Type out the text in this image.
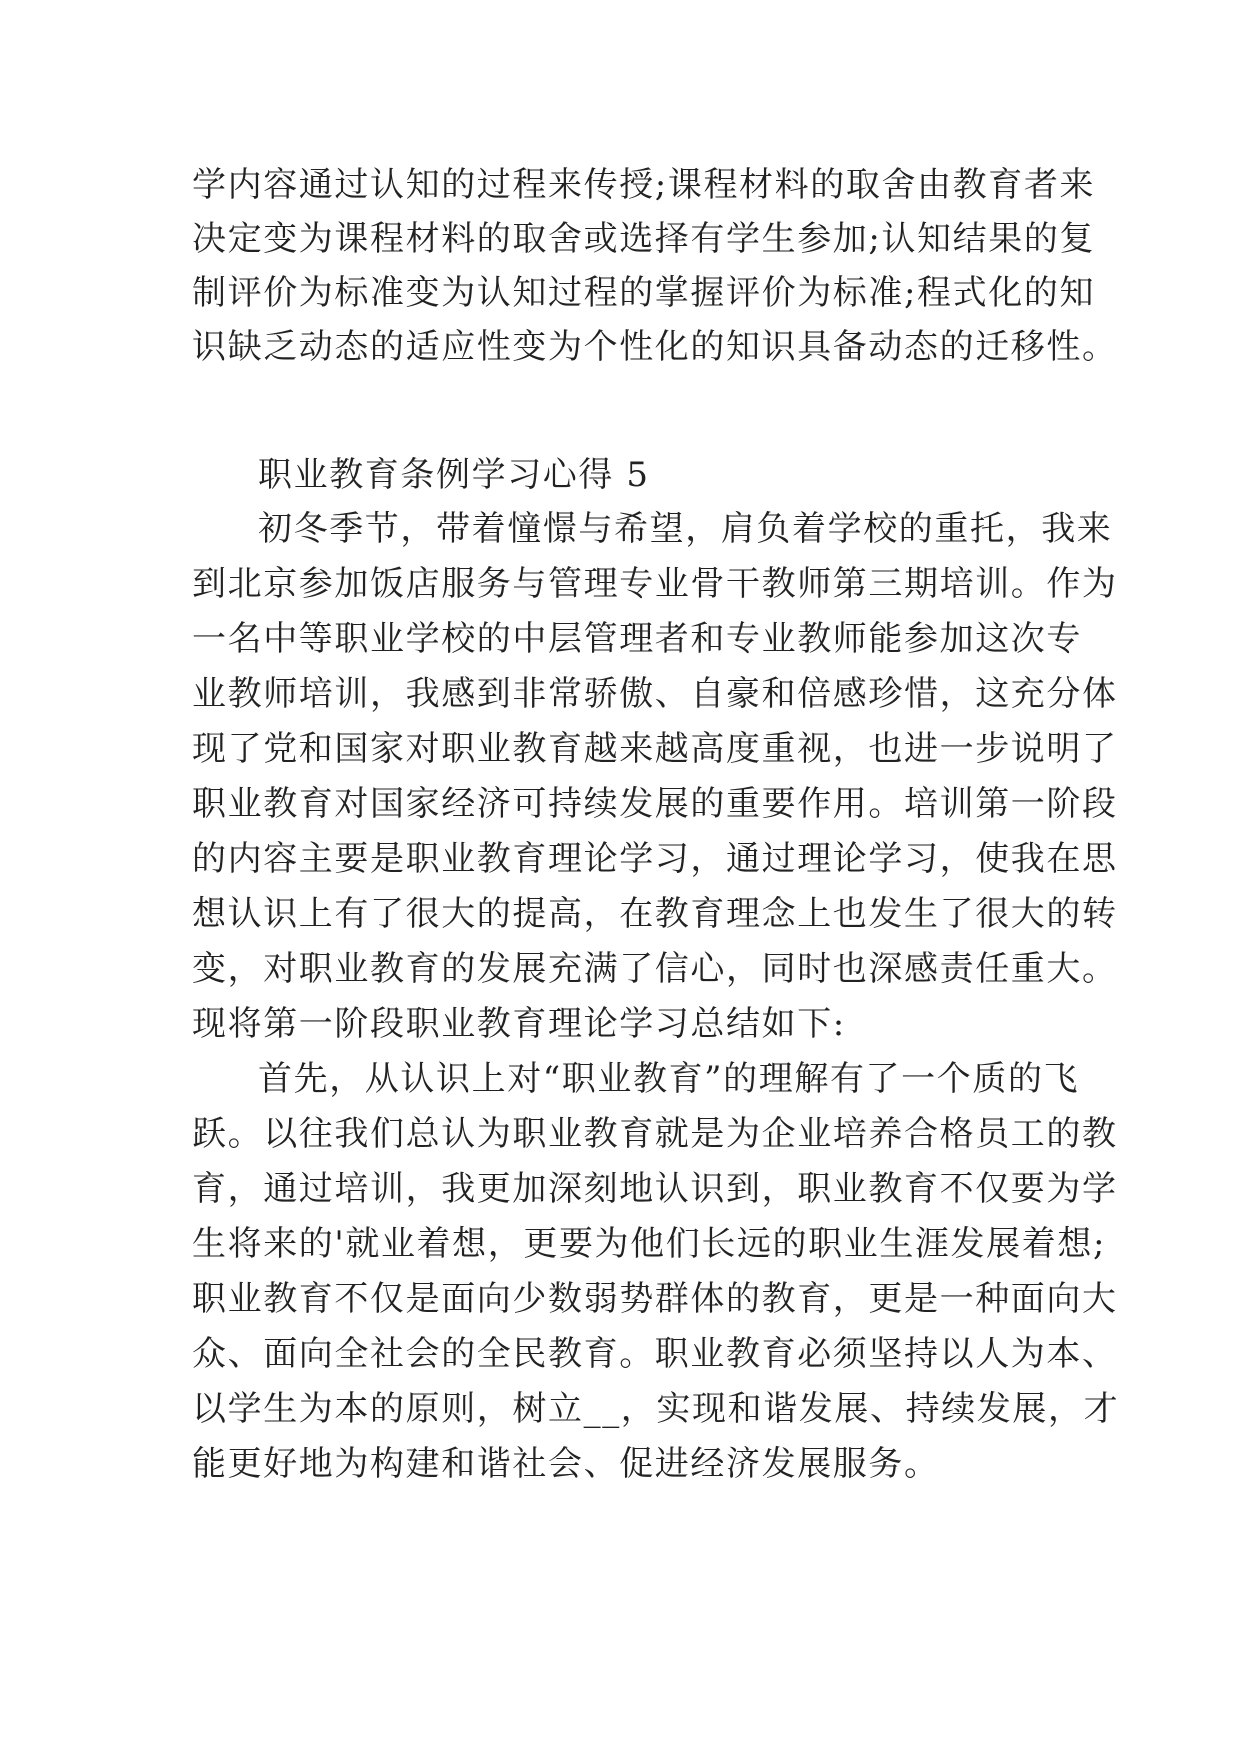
学内容通过认知的过程来传授;课程材料的取舍由教育者来
决定变为课程材料的取舍或选择有学生参加;认知结果的复
制评价为标准变为认知过程的掌握评价为标准;程式化的知
识缺乏动态的适应性变为个性化的知识具备动态的迁移性。
职业教育条例学习心得 5
初冬季节，带着憧憬与希望，肩负着学校的重托，我来
到北京参加饭店服务与管理专业骨干教师第三期培训。作为
一名中等职业学校的中层管理者和专业教师能参加这次专
业教师培训，我感到非常骄傲、自豪和倍感珍惜，这充分体
现了党和国家对职业教育越来越高度重视，也进一步说明了
职业教育对国家经济可持续发展的重要作用。培训第一阶段
的内容主要是职业教育理论学习，通过理论学习，使我在思
想认识上有了很大的提高，在教育理念上也发生了很大的转
变，对职业教育的发展充满了信心，同时也深感责任重大。
现将第一阶段职业教育理论学习总结如下:
首先，从认识上对“职业教育”的理解有了一个质的飞
跃。以往我们总认为职业教育就是为企业培养合格员工的教
育，通过培训，我更加深刻地认识到，职业教育不仅要为学
生将来的'就业着想，更要为他们长远的职业生涯发展着想;
职业教育不仅是面向少数弱势群体的教育，更是一种面向大
众、面向全社会的全民教育。职业教育必须坚持以人为本、
以学生为本的原则，树立__，实现和谐发展、持续发展，才
能更好地为构建和谐社会、促进经济发展服务。
